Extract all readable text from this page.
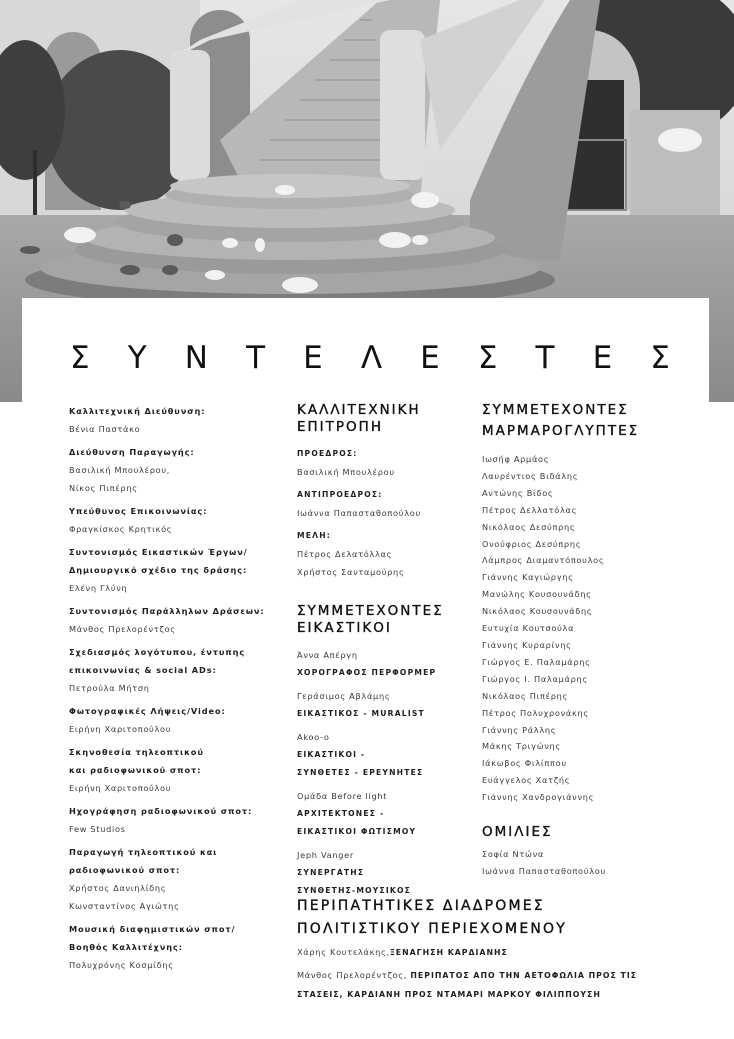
Σ Υ Ν Τ Ε Λ Ε Σ Τ Ε Σ
Καλλιτεχνική Διεύθυνση:
Βένια Παστάκο
Διεύθυνση Παραγωγής:
Βασιλική Μπουλέρου,
Νίκος Πιπέρης
Υπεύθυνος Επικοινωνίας:
Φραγκίσκος Κρητικός
Συντονισμός Εικαστικών Έργων/
Δημιουργικό σχέδιο της δράσης:
Ελένη Γλύνη
Συντονισμός Παράλληλων Δράσεων:
Μάνθος Πρελορέντζος
Σχεδιασμός λογότυπου, έντυπης
επικοινωνίας & social ADs:
Πετρούλα Μήτση
Φωτογραφικές Λήψεις/Video:
Ειρήνη Χαριτοπούλου
Σκηνοθεσία τηλεοπτικού
και ραδιοφωνικού σποτ:
Ειρήνη Χαριτοπούλου
Ηχογράφηση ραδιοφωνικού σποτ:
Few Studios
Παραγωγή τηλεοπτικού και
ραδιοφωνικού σποτ:
Χρήστος Δανιηλίδης
Κωνσταντίνος Αγιώτης
Μουσική διαφημιστικών σποτ/
Βοηθός Καλλιτέχνης:
Πολυχρόνης Κοσμίδης
ΚΑΛΛΙΤΕΧΝΙΚΗ
ΕΠΙΤΡΟΠΗ
ΠΡΟΕΔΡΟΣ:
Βασιλική Μπουλέρου
ΑΝΤΙΠΡΟΕΔΡΟΣ:
Ιωάννα Παπασταθοπούλου
ΜΕΛΗ:
Πέτρος Δελατόλλας
Χρήστος Σανταμούρης
ΣΥΜΜΕΤΕΧΟΝΤΕΣ
ΕΙΚΑΣΤΙΚΟΙ
Άννα Απέργη
ΧΟΡΟΓΡΑΦΟΣ ΠΕΡΦΟΡΜΕΡ
Γεράσιμος Αβλάμης
ΕΙΚΑΣΤΙΚΟΣ - MURALIST
Akoo-o
ΕΙΚΑΣΤΙΚΟΙ -
ΣΥΝΘΕΤΕΣ - ΕΡΕΥΝΗΤΕΣ
Ομάδα Before light
ΑΡΧΙΤΕΚΤΟΝΕΣ -
ΕΙΚΑΣΤΙΚΟΙ ΦΩΤΙΣΜΟΥ
Jeph Vanger
ΣΥΝΕΡΓΑΤΗΣ
ΣΥΝΘΕΤΗΣ-ΜΟΥΣΙΚΟΣ
ΣΥΜΜΕΤΕΧΟΝΤΕΣ
ΜΑΡΜΑΡΟΓΛΥΠΤΕΣ
Ιωσήφ Αρμάος
Λαυρέντιος Βιδάλης
Αντώνης Βίδος
Πέτρος Δελλατόλας
Νικόλαος Δεσύπρης
Ονούφριος Δεσύπρης
Λάμπρος Διαμαντόπουλος
Γιάννης Καγιώργης
Μανώλης Κουσουνάδης
Νικόλαος Κουσουνάδης
Ευτυχία Κουτσούλα
Γιάννης Κυραρίνης
Γιώργος Ε. Παλαμάρης
Γιώργος Ι. Παλαμάρης
Νικόλαος Πιπέρης
Πέτρος Πολυχρονάκης
Γιάννης Ράλλης
Μάκης Τριγώνης
Ιάκωβος Φιλίππου
Ευάγγελος Χατζής
Γιάννης Χανδρογιάννης
ΟΜΙΛΙΕΣ
Σοφία Ντώνα
Ιωάννα Παπασταθοπούλου
ΠΕΡΙΠΑΤΗΤΙΚΕΣ ΔΙΑΔΡΟΜΕΣ
ΠΟΛΙΤΙΣΤΙΚΟΥ ΠΕΡΙΕΧΟΜΕΝΟΥ
Χάρης Κουτελάκης,ΞΕΝΑΓΗΣΗ ΚΑΡΔΙΑΝΗΣ
Μάνθος Πρελορέντζος, ΠΕΡΙΠΑΤΟΣ ΑΠΟ ΤΗΝ ΑΕΤΟΦΩΛΙΑ ΠΡΟΣ ΤΙΣ
ΣΤΑΣΕΙΣ, ΚΑΡΔΙΑΝΗ ΠΡΟΣ ΝΤΑΜΑΡΙ ΜΑΡΚΟΥ ΦΙΛΙΠΠΟΥΣΗ
